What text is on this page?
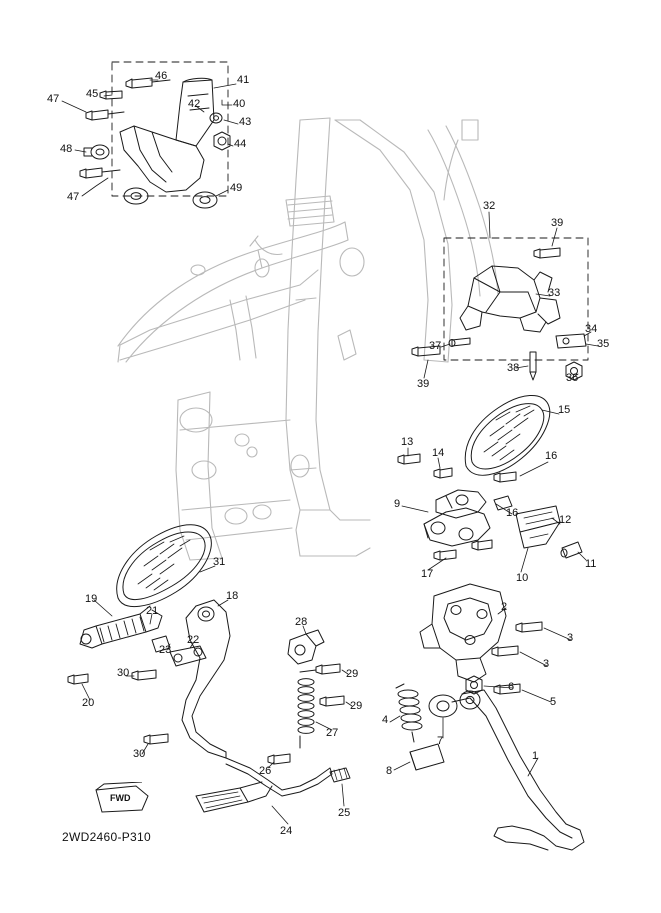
46	41
45
40
47	42
43
48	44
47
49
32
39
33
34
35
37
38
36
39
15
13
14	16
9
16
12
31
17	10
11
18
19
21	2
28
22	3
23
29
3
20
30
29
6
5
27
4
30
7
26	8
1
25
24
FWD
2WD2460-P310
